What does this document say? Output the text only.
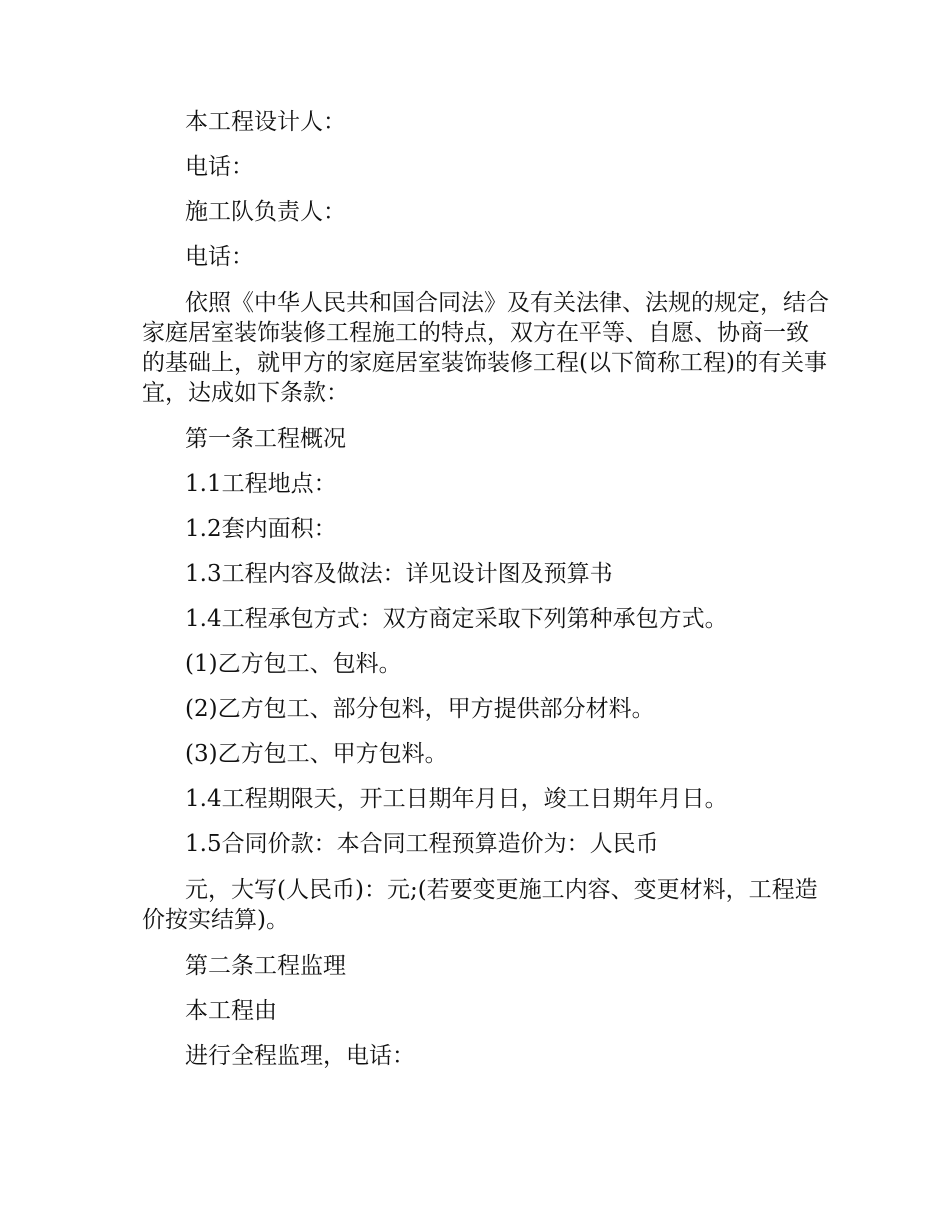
本工程设计人：

电话：

施工队负责人：

电话：

依照《中华人民共和国合同法》及有关法律、法规的规定，结合家庭居室装饰装修工程施工的特点，双方在平等、自愿、协商一致的基础上，就甲方的家庭居室装饰装修工程(以下简称工程)的有关事宜，达成如下条款：

第一条工程概况

1.1工程地点：

1.2套内面积：

1.3工程内容及做法：详见设计图及预算书

1.4工程承包方式：双方商定采取下列第种承包方式。

(1)乙方包工、包料。

(2)乙方包工、部分包料，甲方提供部分材料。

(3)乙方包工、甲方包料。

1.4工程期限天，开工日期年月日，竣工日期年月日。

1.5合同价款：本合同工程预算造价为：人民币

元，大写(人民币)：元;(若要变更施工内容、变更材料，工程造价按实结算)。

第二条工程监理

本工程由

进行全程监理，电话：
